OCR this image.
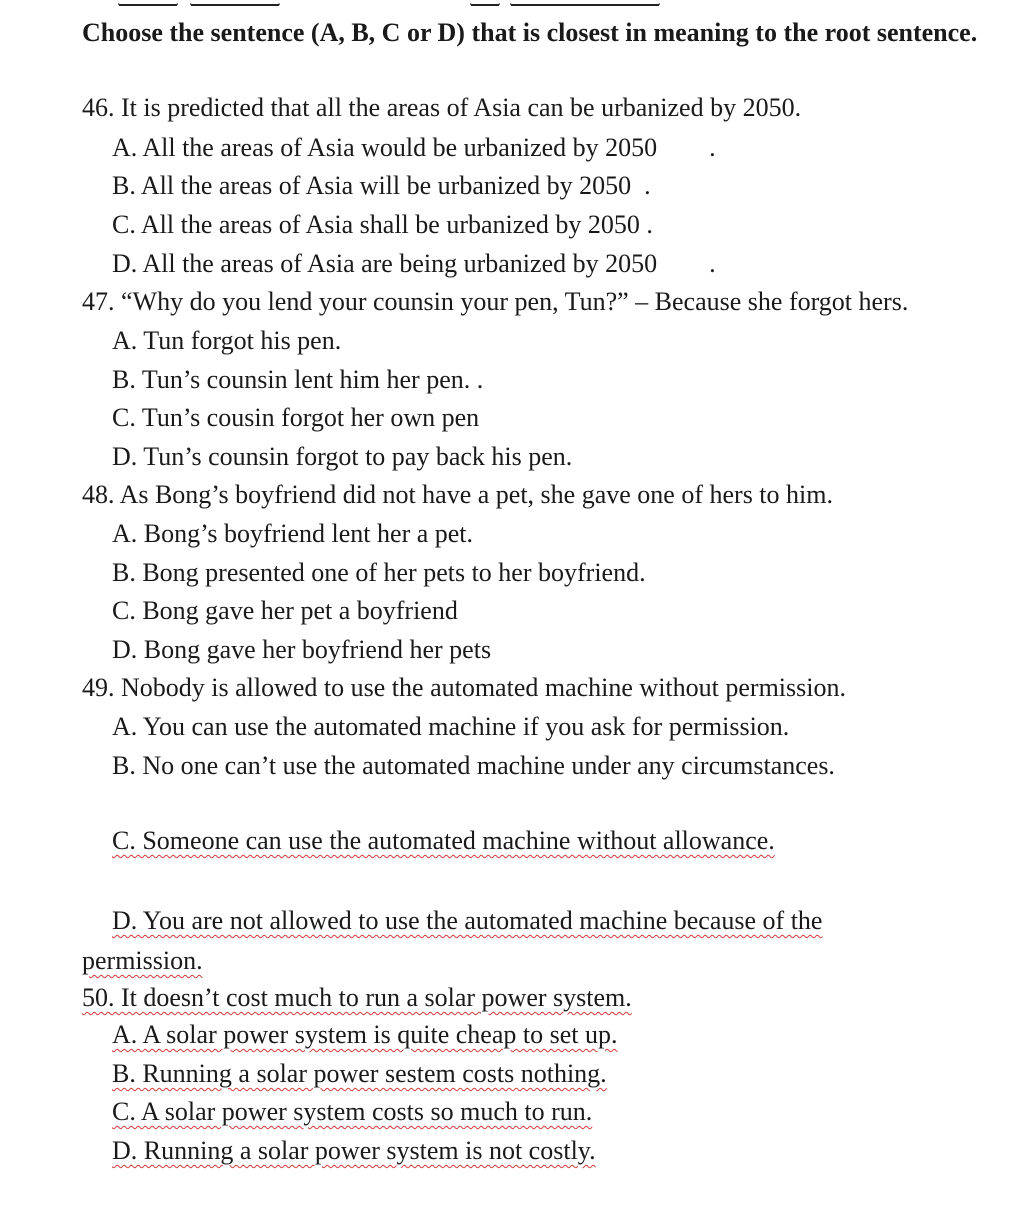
Choose the sentence (A, B, C or D) that is closest in meaning to the root sentence.

46. It is predicted that all the areas of Asia can be urbanized by 2050.
A. All the areas of Asia would be urbanized by 2050        .
B. All the areas of Asia will be urbanized by 2050  .
C. All the areas of Asia shall be urbanized by 2050 .
D. All the areas of Asia are being urbanized by 2050        .
47. “Why do you lend your counsin your pen, Tun?” – Because she forgot hers.
A. Tun forgot his pen.
B. Tun’s counsin lent him her pen. .
C. Tun’s cousin forgot her own pen
D. Tun’s counsin forgot to pay back his pen.
48. As Bong’s boyfriend did not have a pet, she gave one of hers to him.
A. Bong’s boyfriend lent her a pet.
B. Bong presented one of her pets to her boyfriend.
C. Bong gave her pet a boyfriend
D. Bong gave her boyfriend her pets
49. Nobody is allowed to use the automated machine without permission.
A. You can use the automated machine if you ask for permission.
B. No one can’t use the automated machine under any circumstances.
C. Someone can use the automated machine without allowance.
D. You are not allowed to use the automated machine because of the permission.
50. It doesn’t cost much to run a solar power system.
A. A solar power system is quite cheap to set up.
B. Running a solar power sestem costs nothing.
C. A solar power system costs so much to run.
D. Running a solar power system is not costly.
